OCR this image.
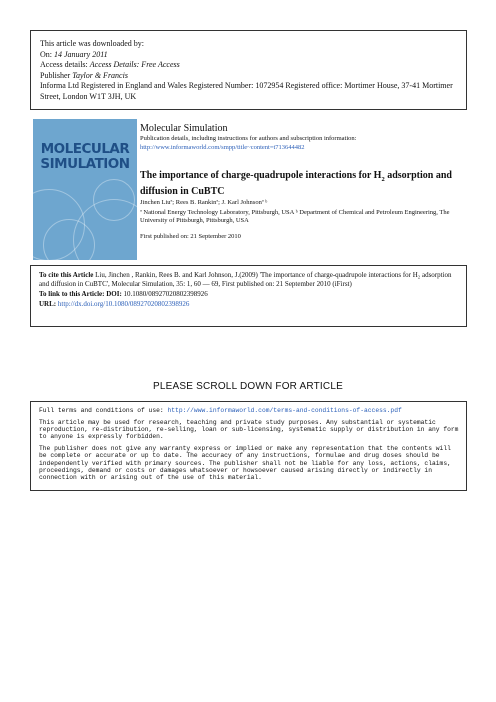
This article was downloaded by:
On: 14 January 2011
Access details: Access Details: Free Access
Publisher Taylor & Francis
Informa Ltd Registered in England and Wales Registered Number: 1072954 Registered office: Mortimer House, 37-41 Mortimer Street, London W1T 3JH, UK
MOLECULAR
SIMULATION
Molecular Simulation
Publication details, including instructions for authors and subscription information:
http://www.informaworld.com/smpp/title~content=t713644482
The importance of charge-quadrupole interactions for $H_2$ adsorption and diffusion in CuBTC
Jinchen Liuª; Rees B. Rankinª; J. Karl Johnsonª ᵇ
ª National Energy Technology Laboratory, Pittsburgh, USA ᵇ Department of Chemical and Petroleum Engineering, The University of Pittsburgh, Pittsburgh, USA
First published on: 21 September 2010
To cite this Article Liu, Jinchen , Rankin, Rees B. and Karl Johnson, J.(2009) 'The importance of charge-quadrupole interactions for H₂ adsorption and diffusion in CuBTC', Molecular Simulation, 35: 1, 60 — 69, First published on: 21 September 2010 (iFirst)
To link to this Article: DOI: 10.1080/08927020802398926
URL: http://dx.doi.org/10.1080/08927020802398926
PLEASE SCROLL DOWN FOR ARTICLE

Full terms and conditions of use: http://www.informaworld.com/terms-and-conditions-of-access.pdf

This article may be used for research, teaching and private study purposes. Any substantial or systematic reproduction, re-distribution, re-selling, loan or sub-licensing, systematic supply or distribution in any form to anyone is expressly forbidden.

The publisher does not give any warranty express or implied or make any representation that the contents will be complete or accurate or up to date. The accuracy of any instructions, formulae and drug doses should be independently verified with primary sources. The publisher shall not be liable for any loss, actions, claims, proceedings, demand or costs or damages whatsoever or howsoever caused arising directly or indirectly in connection with or arising out of the use of this material.
